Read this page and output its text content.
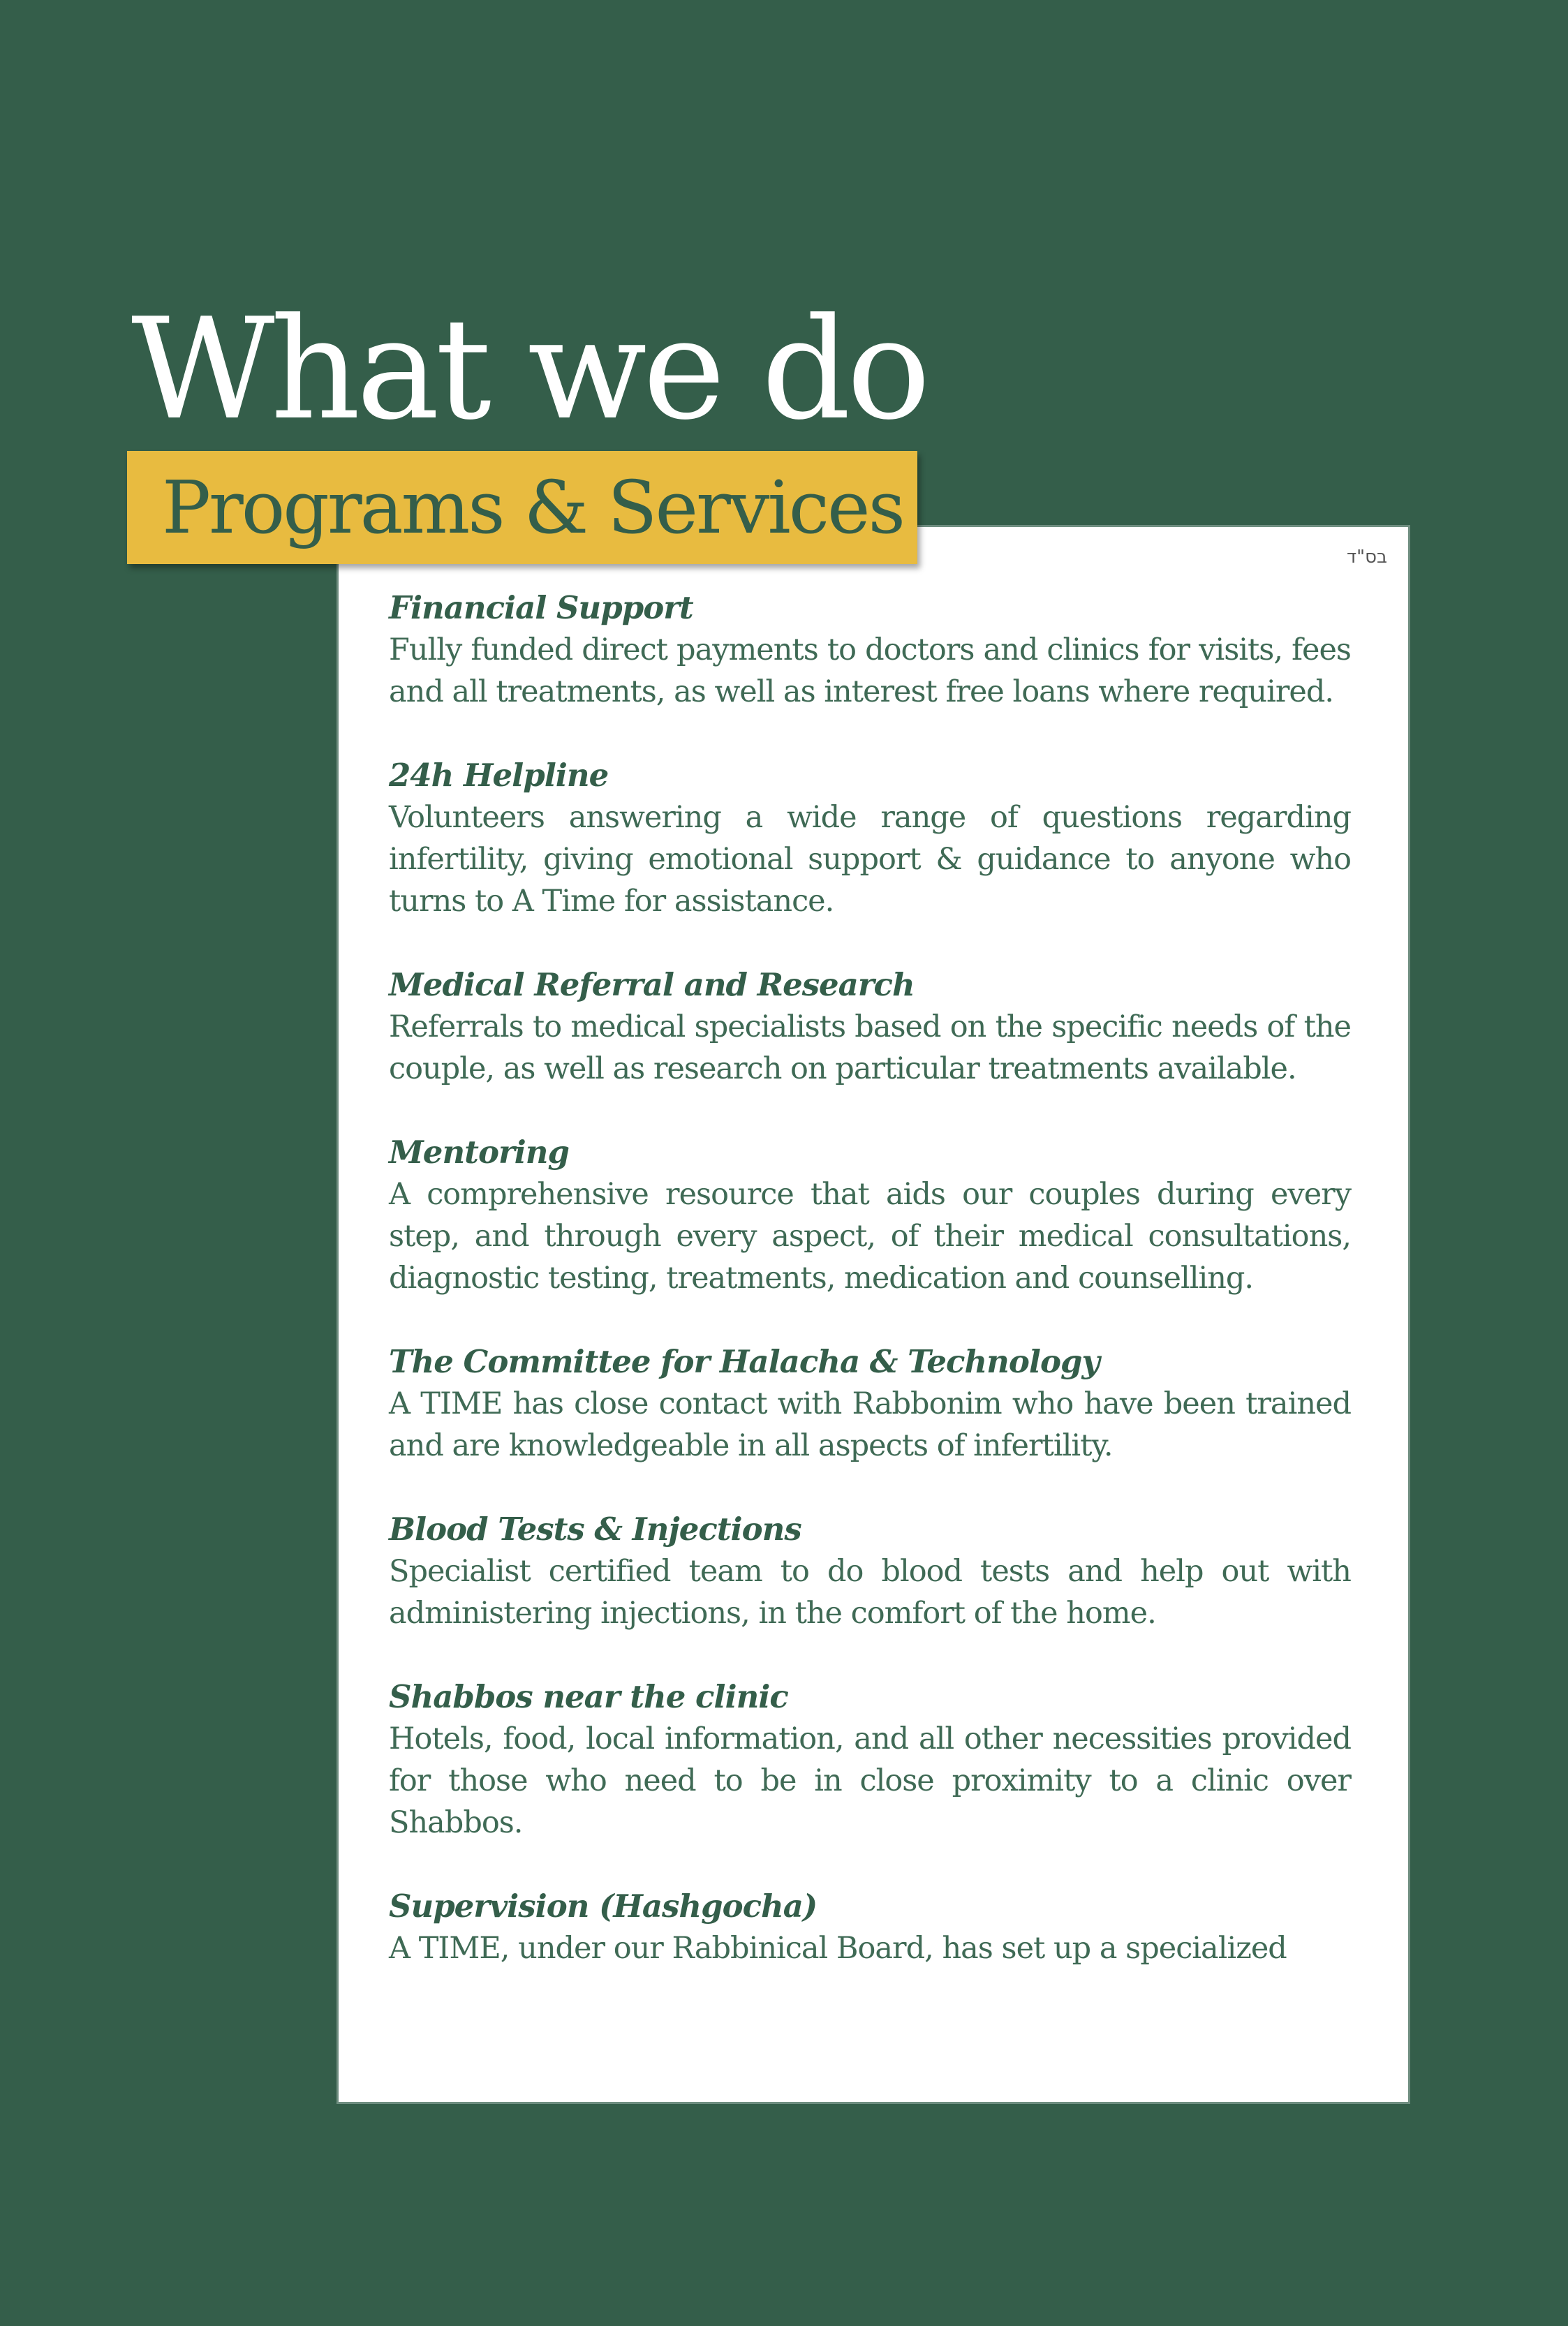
What we do
בס"ד
Financial Support
Fully funded direct payments to doctors and clinics for visits, fees and all treatments, as well as interest free loans where required.
24h Helpline
Volunteers answering a wide range of questions regarding infertility, giving emotional support & guidance to anyone who turns to A Time for assistance.
Medical Referral and Research
Referrals to medical specialists based on the specific needs of the couple, as well as research on particular treatments available.
Mentoring
A comprehensive resource that aids our couples during every step, and through every aspect, of their medical consultations, diagnostic testing, treatments, medication and counselling.
The Committee for Halacha & Technology
A TIME has close contact with Rabbonim who have been trained and are knowledgeable in all aspects of infertility.
Blood Tests & Injections
Specialist certified team to do blood tests and help out with administering injections, in the comfort of the home.
Shabbos near the clinic
Hotels, food, local information, and all other necessities provided for those who need to be in close proximity to a clinic over Shabbos.
Supervision (Hashgocha)
A TIME, under our Rabbinical Board, has set up a specialized
Programs & Services
